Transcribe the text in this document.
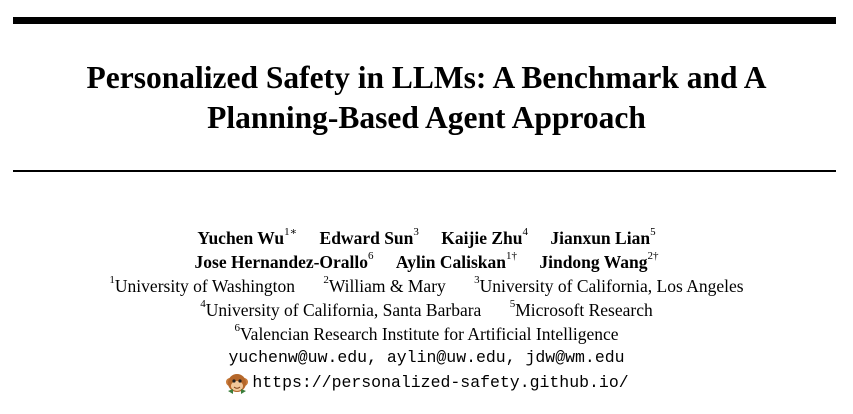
Personalized Safety in LLMs: A Benchmark and A
Planning-Based Agent Approach
Yuchen $Wu^{1∗}$ Edward Sun$^3$ Kaijie Zhu$^4$ Jianxun Lian$^5$
Jose Hernandez-Orallo$^6$ Aylin Caliskan$^{1\dagger}$ Jindong Wang$^{2\dagger}$
$^1$University of Washington	$^2$William & Mary	$^3$University of California, Los Angeles
$^4$University of California, Santa Barbara	$^5$Microsoft Research
$^6$Valencian Research Institute for Artificial Intelligence
yuchenw@uw.edu, aylin@uw.edu, jdw@wm.edu
https://personalized-safety.github.io/
